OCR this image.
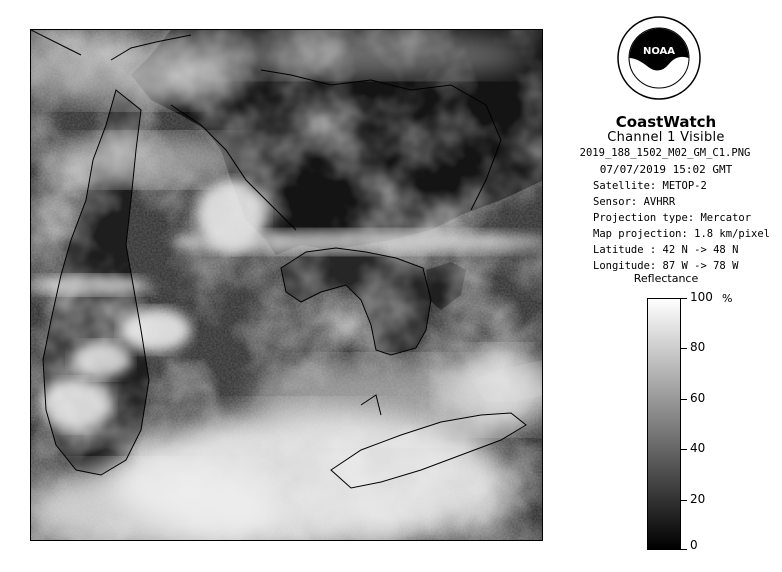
NOAA
CoastWatch
Channel 1 Visible
2019_188_1502_M02_GM_C1.PNG
07/07/2019 15:02 GMT
Satellite: METOP-2
Sensor: AVHRR
Projection type: Mercator
Map projection: 1.8 km/pixel
Latitude : 42 N -> 48 N
Longitude: 87 W -> 78 W
Reflectance
%
100
80
60
40
20
0
